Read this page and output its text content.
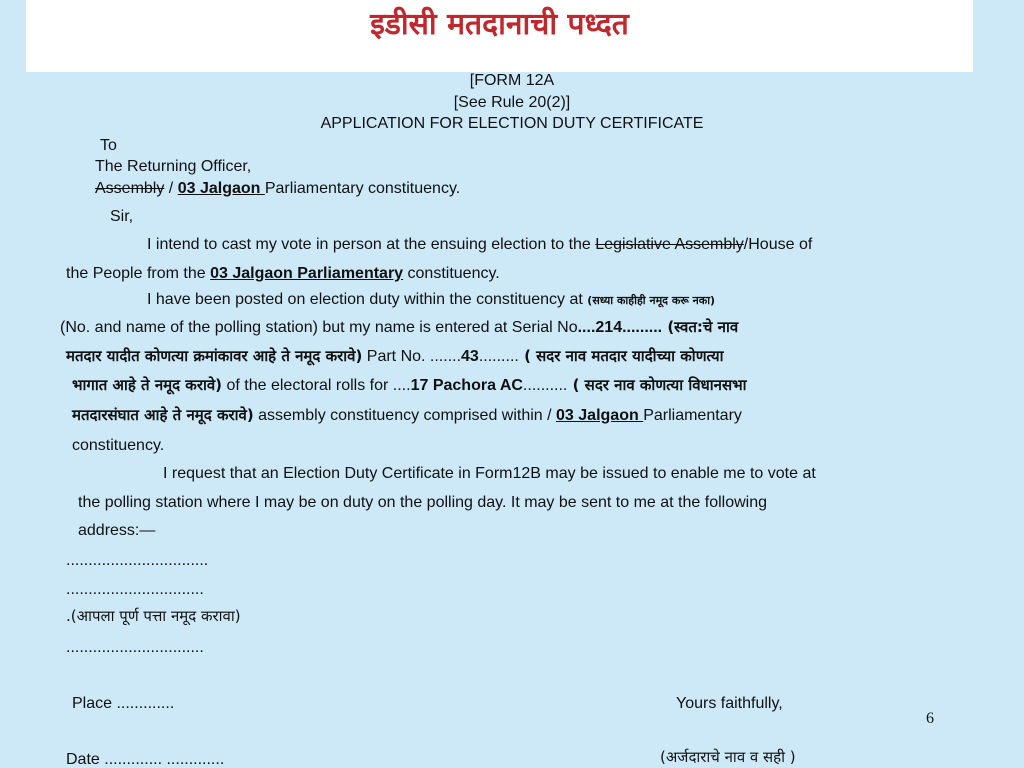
इडीसी मतदानाची पध्दत
[FORM 12A
[See Rule 20(2)]
APPLICATION FOR ELECTION DUTY CERTIFICATE
To
The Returning Officer,
Assembly / 03 Jalgaon Parliamentary constituency.
Sir,
I intend to cast my vote in person at the ensuing election to the Legislative Assembly/House of
the People from the 03 Jalgaon Parliamentary constituency.
I have been posted on election duty within the constituency at (सध्या काहीही नमूद करू नका)
(No. and name of the polling station) but my name is entered at Serial No....214......... (स्वत:चे नाव
मतदार यादीत कोणत्या क्रमांकावर आहे ते नमूद करावे) Part No. .......43......... ( सदर नाव मतदार यादीच्या कोणत्या
भागात आहे ते नमूद करावे) of the electoral rolls for ....17 Pachora AC.......... ( सदर नाव कोणत्या विधानसभा
मतदारसंघात आहे ते नमूद करावे) assembly constituency comprised within / 03 Jalgaon Parliamentary
constituency.
I request that an Election Duty Certificate in Form12B may be issued to enable me to vote at
the polling station where I may be on duty on the polling day. It may be sent to me at the following
address:—
................................
...............................
.(आपला पूर्ण पत्ता नमूद करावा)
...............................
Place .............	Yours faithfully,
6
Date ............. .............	(अर्जदाराचे नाव व सही )
